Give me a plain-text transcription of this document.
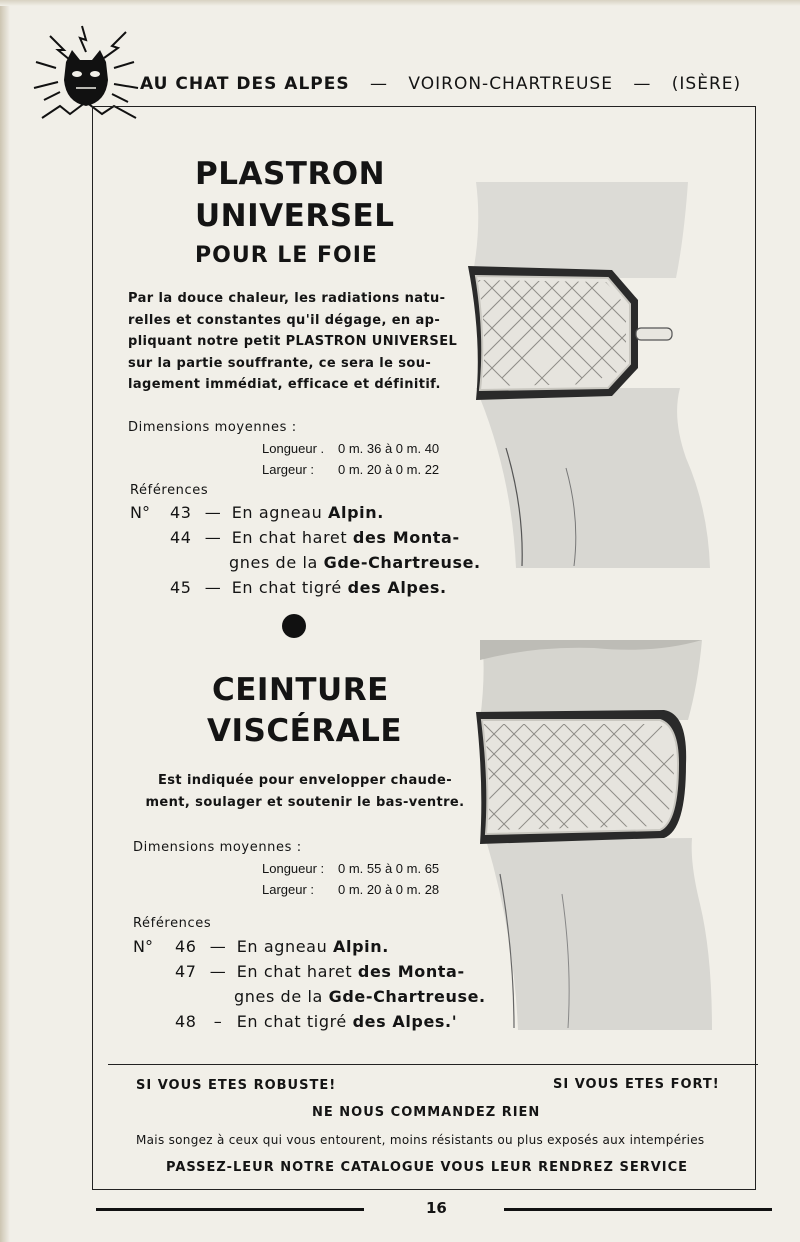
AU CHAT DES ALPES — VOIRON-CHARTREUSE — (ISÈRE)
PLASTRON
UNIVERSEL
POUR LE FOIE
Par la douce chaleur, les radiations natu-
relles et constantes qu'il dégage, en ap-
pliquant notre petit PLASTRON UNIVERSEL
sur la partie souffrante, ce sera le sou-
lagement immédiat, efficace et définitif.
Dimensions moyennes :
Longueur . 0 m. 36 à 0 m. 40
Largeur : 0 m. 20 à 0 m. 22
Références
N° 43 — En agneau Alpin.
44 — En chat haret des Monta-
gnes de la Gde-Chartreuse.
45 — En chat tigré des Alpes.
CEINTURE
VISCÉRALE
Est indiquée pour envelopper chaude-
ment, soulager et soutenir le bas-ventre.
Dimensions moyennes :
Longueur : 0 m. 55 à 0 m. 65
Largeur : 0 m. 20 à 0 m. 28
Références
N° 46 — En agneau Alpin.
47 — En chat haret des Monta-
gnes de la Gde-Chartreuse.
48 – En chat tigré des Alpes.'
SI VOUS ETES ROBUSTE!	SI VOUS ETES FORT!
NE NOUS COMMANDEZ RIEN
Mais songez à ceux qui vous entourent, moins résistants ou plus exposés aux intempéries
PASSEZ-LEUR NOTRE CATALOGUE VOUS LEUR RENDREZ SERVICE
16
